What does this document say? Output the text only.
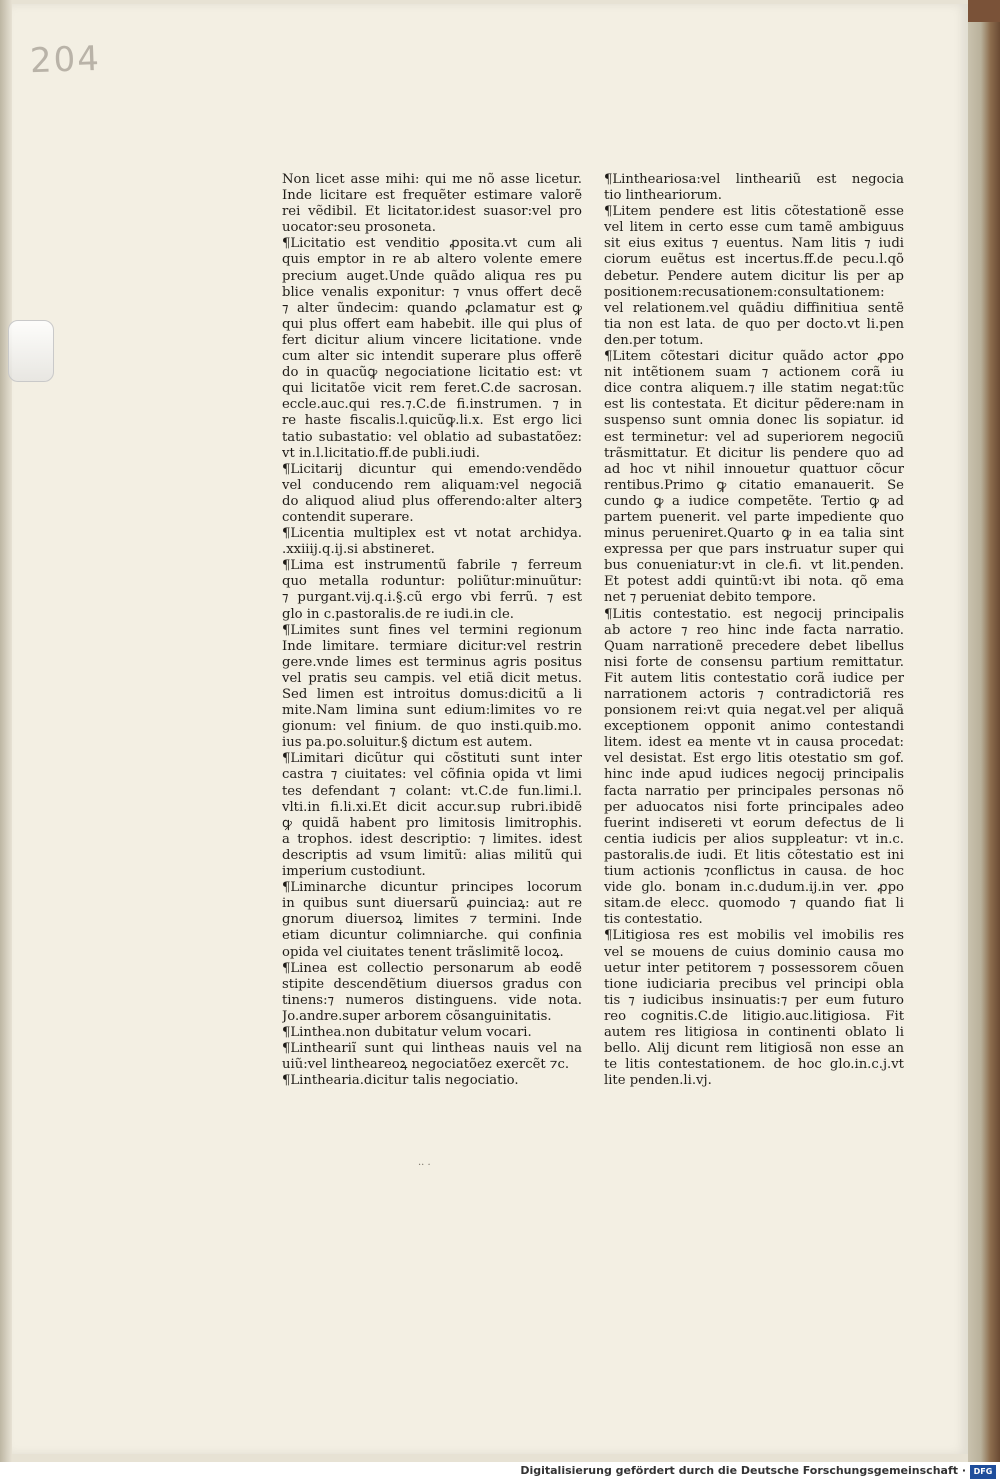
204
Non licet asse mihi: qui me nõ asse licetur.
Inde licitare est frequẽter estimare valorẽ
rei vẽdibil. Et licitator.idest suasor:vel pro
uocator:seu prosoneta.
¶Licitatio est venditio ꝓposita.vt cum ali
quis emptor in re ab altero volente emere
precium auget.Unde quãdo aliqua res pu
blice venalis exponitur: ⁊ vnus offert decẽ
⁊ alter ũndecim: quando ꝓclamatur est ꝙ
qui plus offert eam habebit. ille qui plus of
fert dicitur alium vincere licitatione. vnde
cum alter sic intendit superare plus offerẽ
do in quacũꝙ negociatione licitatio est: vt
qui licitatõe vicit rem feret.C.de sacrosan.
eccle.auc.qui res.⁊.C.de fi.instrumen. ⁊ in
re haste fiscalis.l.quicũꝙ.li.x. Est ergo lici
tatio subastatio: vel oblatio ad subastatõez:
vt in.l.licitatio.ff.de publi.iudi.
¶Licitarij dicuntur qui emendo:vendẽdo
vel conducendo rem aliquam:vel negociã
do aliquod aliud plus offerendo:alter alterꝫ
contendit superare.
¶Licentia multiplex est vt notat archidya.
.xxiiij.q.ij.si abstineret.
¶Lima est instrumentũ fabrile ⁊ ferreum
quo metalla roduntur: poliũtur:minuũtur:
⁊ purgant.vij.q.i.§.cũ ergo vbi ferrũ. ⁊ est
glo in c.pastoralis.de re iudi.in cle.
¶Limites sunt fines vel termini regionum
Inde limitare. termiare dicitur:vel restrin
gere.vnde limes est terminus agris positus
vel pratis seu campis. vel etiã dicit metus.
Sed limen est introitus domus:dicitũ a li
mite.Nam limina sunt edium:limites vo re
gionum: vel finium. de quo insti.quib.mo.
ius pa.po.soluitur.§ dictum est autem.
¶Limitari dicũtur qui cõstituti sunt inter
castra ⁊ ciuitates: vel cõfinia opida vt limi
tes defendant ⁊ colant: vt.C.de fun.limi.l.
vlti.in fi.li.xi.Et dicit accur.sup rubri.ibidẽ
ꝙ quidã habent pro limitosis limitrophis.
a trophos. idest descriptio: ⁊ limites. idest
descriptis ad vsum limitũ: alias militũ qui
imperium custodiunt.
¶Liminarche dicuntur principes locorum
in quibus sunt diuersarũ ꝓuinciaꝝ: aut re
gnorum diuersoꝝ limites ⁊ termini. Inde
etiam dicuntur colimniarche. qui confinia
opida vel ciuitates tenent trãslimitẽ locoꝝ.
¶Linea est collectio personarum ab eodẽ
stipite descendẽtium diuersos gradus con
tinens:⁊ numeros distinguens. vide nota.
Jo.andre.super arborem cõsanguinitatis.
¶Linthea.non dubitatur velum vocari.
¶Lintheariĩ sunt qui lintheas nauis vel na
uiũ:vel lintheareoꝝ negociatõez exercẽt ⁊c.
¶Linthearia.dicitur talis negociatio.
¶Lintheariosa:vel lintheariũ est negocia
tio lintheariorum.
¶Litem pendere est litis cõtestationẽ esse
vel litem in certo esse cum tamẽ ambiguus
sit eius exitus ⁊ euentus. Nam litis ⁊ iudi
ciorum euẽtus est incertus.ff.de pecu.l.qõ
debetur. Pendere autem dicitur lis per ap
positionem:recusationem:consultationem:
vel relationem.vel quãdiu diffinitiua sentẽ
tia non est lata. de quo per docto.vt li.pen
den.per totum.
¶Litem cõtestari dicitur quãdo actor ꝓpo
nit intẽtionem suam ⁊ actionem corã iu
dice contra aliquem.⁊ ille statim negat:tũc
est lis contestata. Et dicitur pẽdere:nam in
suspenso sunt omnia donec lis sopiatur. id
est terminetur: vel ad superiorem negociũ
trãsmittatur. Et dicitur lis pendere quo ad
ad hoc vt nihil innouetur quattuor cõcur
rentibus.Primo ꝙ citatio emanauerit. Se
cundo ꝙ a iudice competẽte. Tertio ꝙ ad
partem puenerit. vel parte impediente quo
minus perueniret.Quarto ꝙ in ea talia sint
expressa per que pars instruatur super qui
bus conueniatur:vt in cle.fi. vt lit.penden.
Et potest addi quintũ:vt ibi nota. qõ ema
net ⁊ perueniat debito tempore.
¶Litis contestatio. est negocij principalis
ab actore ⁊ reo hinc inde facta narratio.
Quam narrationẽ precedere debet libellus
nisi forte de consensu partium remittatur.
Fit autem litis contestatio corã iudice per
narrationem actoris ⁊ contradictoriã res
ponsionem rei:vt quia negat.vel per aliquã
exceptionem opponit animo contestandi
litem. idest ea mente vt in causa procedat:
vel desistat. Est ergo litis otestatio sm gof.
hinc inde apud iudices negocij principalis
facta narratio per principales personas nõ
per aduocatos nisi forte principales adeo
fuerint indisereti vt eorum defectus de li
centia iudicis per alios suppleatur: vt in.c.
pastoralis.de iudi. Et litis cõtestatio est ini
tium actionis ⁊conflictus in causa. de hoc
vide glo. bonam in.c.dudum.ij.in ver. ꝓpo
sitam.de elecc. quomodo ⁊ quando fiat li
tis contestatio.
¶Litigiosa res est mobilis vel imobilis res
vel se mouens de cuius dominio causa mo
uetur inter petitorem ⁊ possessorem cõuen
tione iudiciaria precibus vel principi obla
tis ⁊ iudicibus insinuatis:⁊ per eum futuro
reo cognitis.C.de litigio.auc.litigiosa. Fit
autem res litigiosa in continenti oblato li
bello. Alij dicunt rem litigiosã non esse an
te litis contestationem. de hoc glo.in.c.j.vt
lite penden.li.vj.
·· ·
Digitalisierung gefördert durch die Deutsche Forschungsgemeinschaft · DFG
